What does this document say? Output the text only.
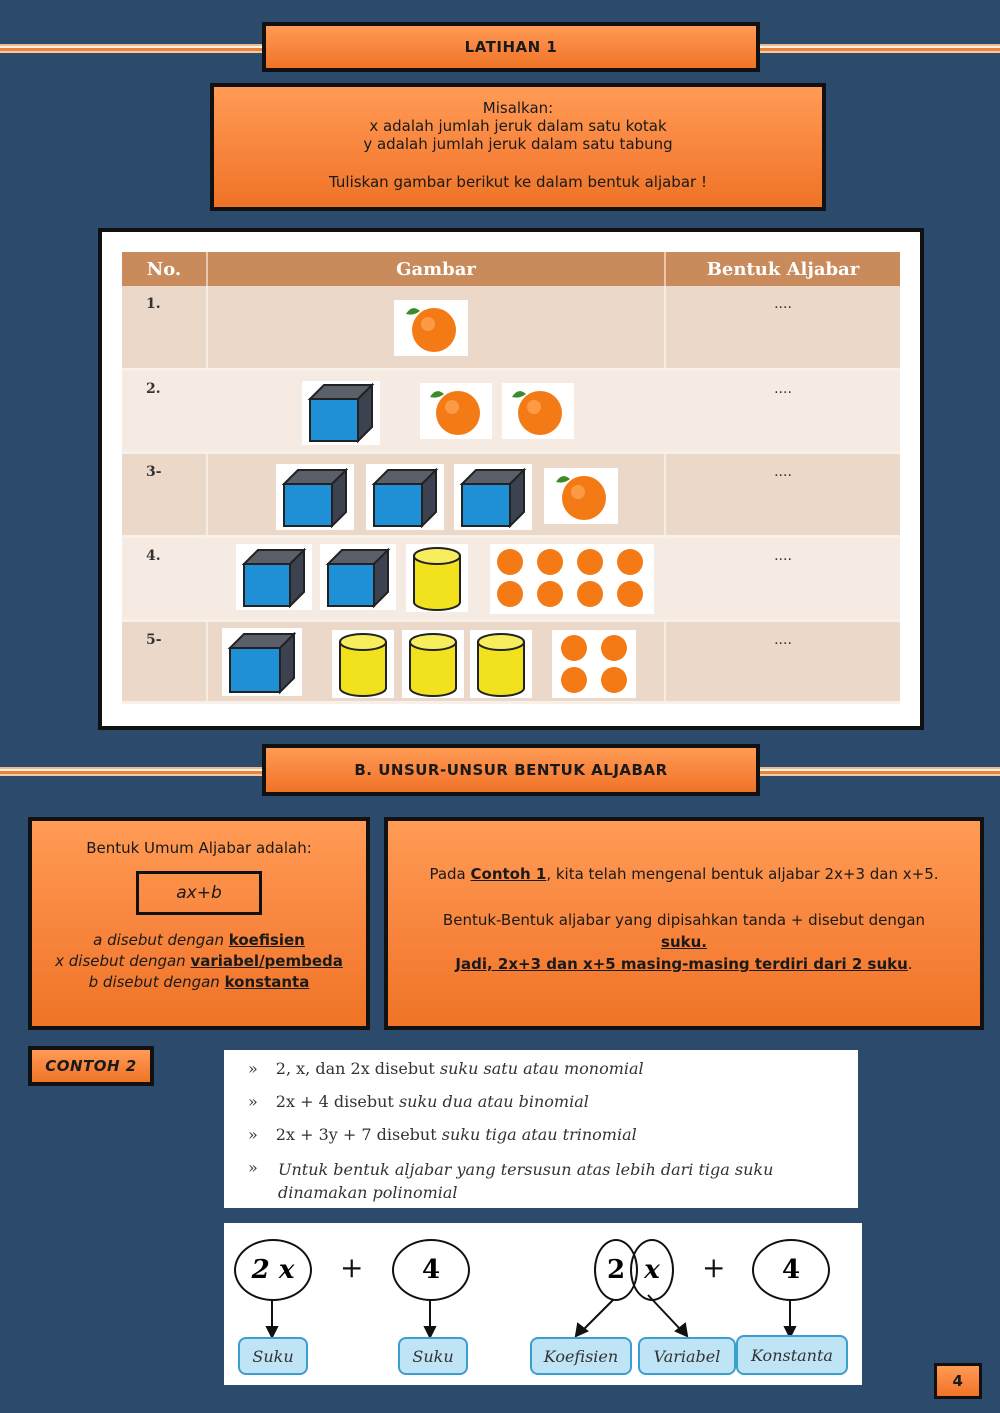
LATIHAN 1
Misalkan:
x adalah jumlah jeruk dalam satu kotak
y adalah jumlah jeruk dalam satu tabung
Tuliskan gambar berikut ke dalam bentuk aljabar !
No.	Gambar	Bentuk Aljabar
1.		....
2.		....
3-		....
4.		....
5-		....
B. UNSUR-UNSUR BENTUK ALJABAR
Bentuk Umum Aljabar adalah:
ax+b
a disebut dengan koefisien
x disebut dengan variabel/pembeda
b disebut dengan konstanta
Pada Contoh 1, kita telah mengenal bentuk aljabar 2x+3 dan x+5.
Bentuk-Bentuk aljabar yang dipisahkan tanda + disebut dengan
suku.
Jadi, 2x+3 dan x+5 masing-masing terdiri dari 2 suku.
CONTOH 2	» 2, x, dan 2x disebut suku satu atau monomial
» 2x + 4 disebut suku dua atau binomial
» 2x + 3y + 7 disebut suku tiga atau trinomial
» Untuk bentuk aljabar yang tersusun atas lebih dari tiga suku dinamakan polinomial
2 x	+	4
Suku	Suku
2 x	+	4
Koefisien	Variabel	Konstanta
4
